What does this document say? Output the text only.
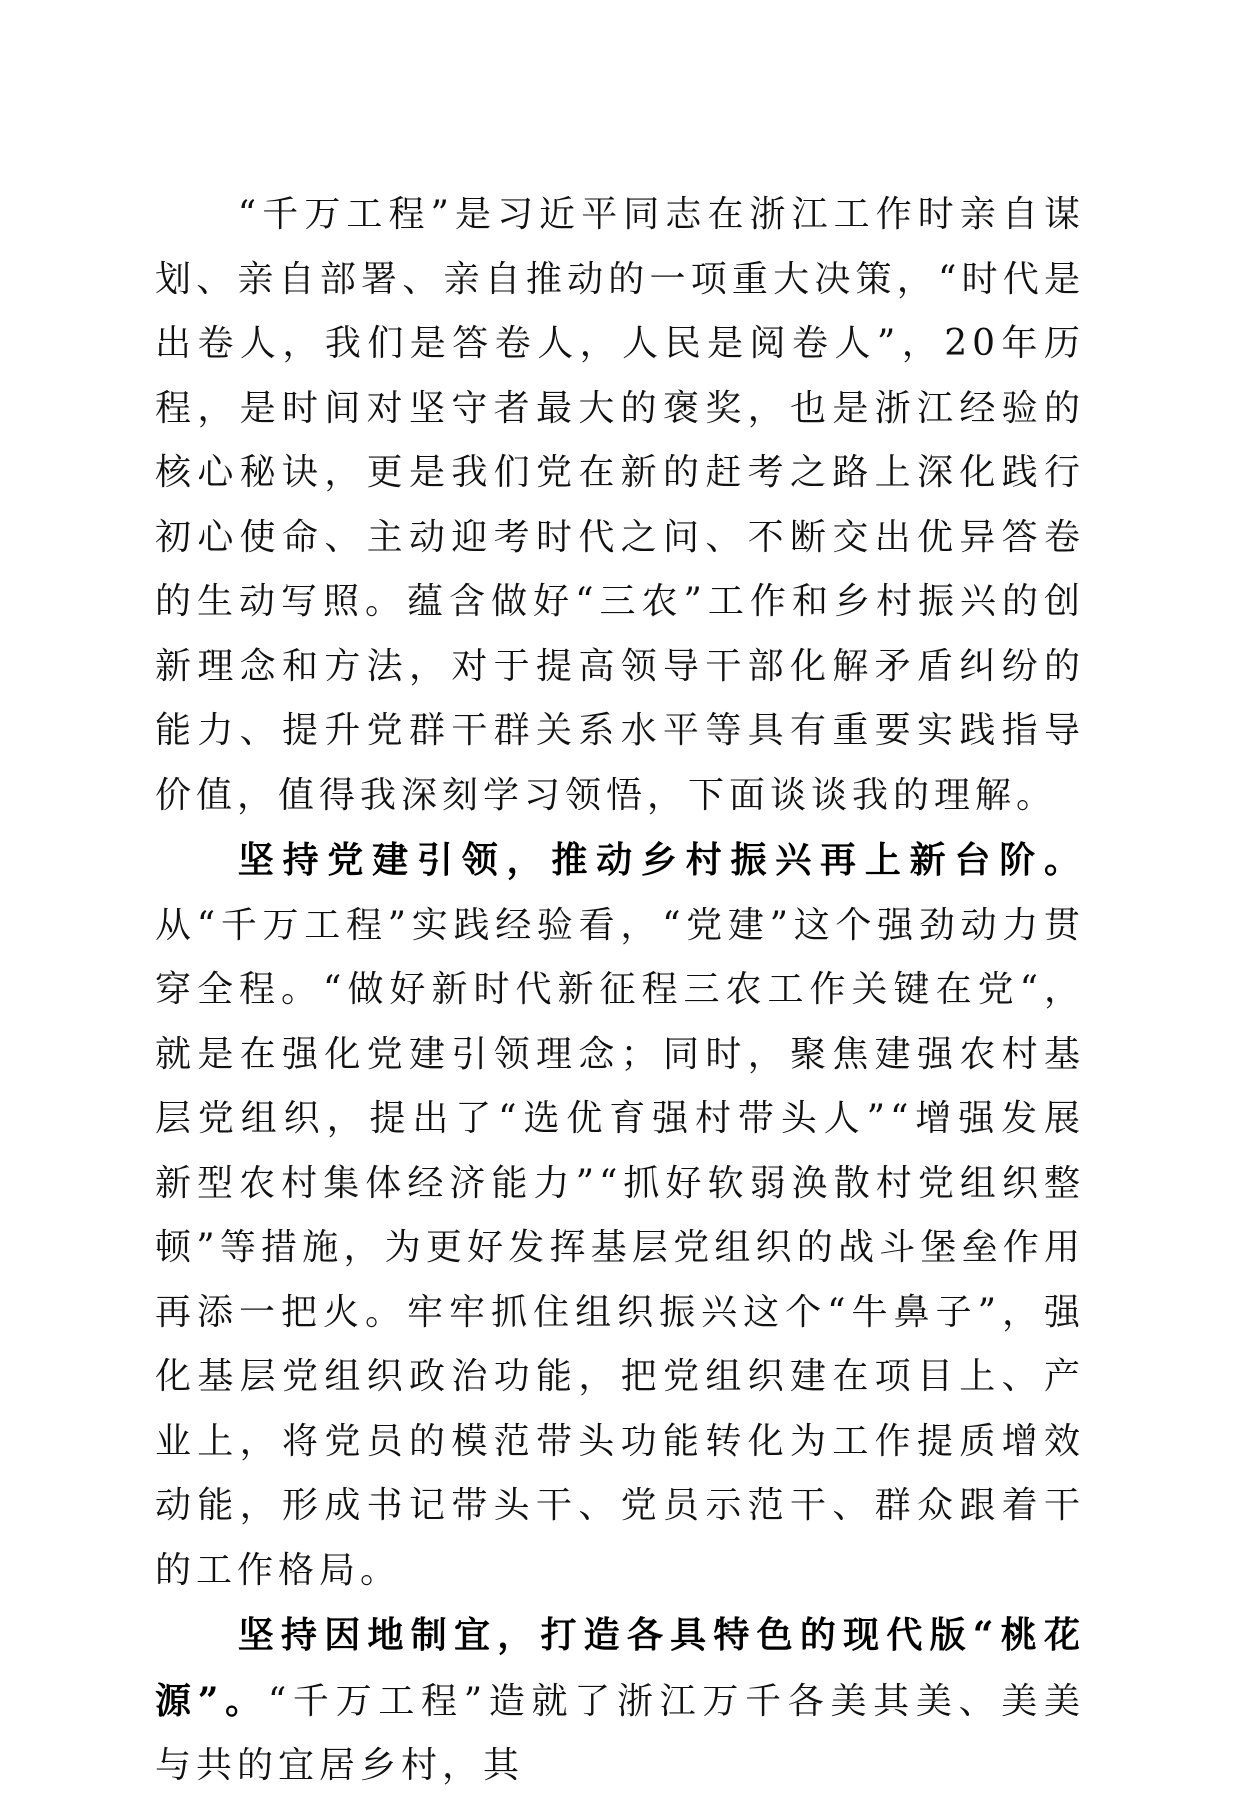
“千万工程”是习近平同志在浙江工作时亲自谋划、亲自部署、亲自推动的一项重大决策，“时代是出卷人，我们是答卷人，人民是阅卷人”，20年历程，是时间对坚守者最大的褒奖，也是浙江经验的核心秘诀，更是我们党在新的赶考之路上深化践行初心使命、主动迎考时代之问、不断交出优异答卷的生动写照。蕴含做好“三农”工作和乡村振兴的创新理念和方法，对于提高领导干部化解矛盾纠纷的能力、提升党群干群关系水平等具有重要实践指导价值，值得我深刻学习领悟，下面谈谈我的理解。

坚持党建引领，推动乡村振兴再上新台阶。从“千万工程”实践经验看，“党建”这个强劲动力贯穿全程。“做好新时代新征程三农工作关键在党“，就是在强化党建引领理念；同时，聚焦建强农村基层党组织，提出了“选优育强村带头人”“增强发展新型农村集体经济能力”“抓好软弱涣散村党组织整顿”等措施，为更好发挥基层党组织的战斗堡垒作用再添一把火。牢牢抓住组织振兴这个“牛鼻子”，强化基层党组织政治功能，把党组织建在项目上、产业上，将党员的模范带头功能转化为工作提质增效动能，形成书记带头干、党员示范干、群众跟着干的工作格局。

坚持因地制宜，打造各具特色的现代版“桃花源”。“千万工程”造就了浙江万千各美其美、美美与共的宜居乡村，其
